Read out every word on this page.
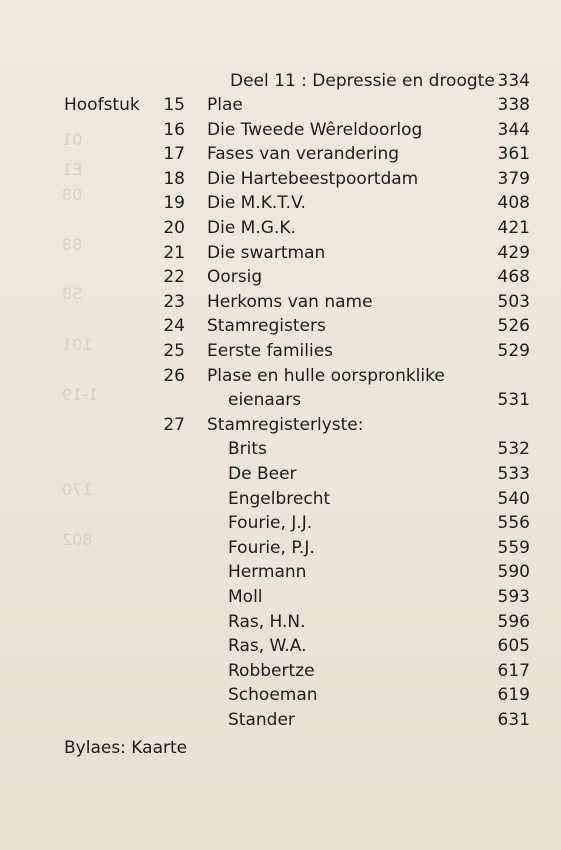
01
E1
08
88
S8
101
1-19
170
802
Deel 11 : Depressie en droogte 334
Hoofstuk	15 Plae	338
16 Die Tweede Wêreldoorlog	344
17 Fases van verandering	361
18 Die Hartebeestpoortdam	379
19 Die M.K.T.V.	408
20 Die M.G.K.	421
21 Die swartman	429
22 Oorsig	468
23 Herkoms van name	503
24 Stamregisters	526
25 Eerste families	529
26 Plase en hulle oorspronklike
eienaars	531
27 Stamregisterlyste:
Brits	532
De Beer	533
Engelbrecht	540
Fourie, J.J.	556
Fourie, P.J.	559
Hermann	590
Moll	593
Ras, H.N.	596
Ras, W.A.	605
Robbertze	617
Schoeman	619
Stander	631
Bylaes: Kaarte
